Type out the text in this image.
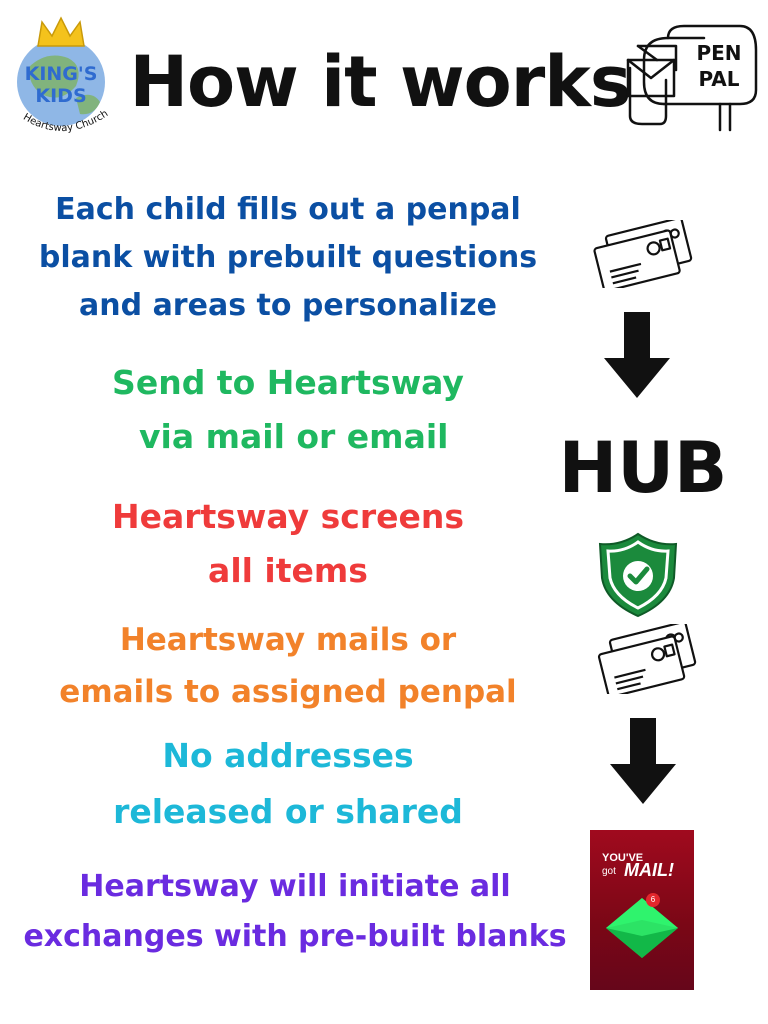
KING'S
KIDS
Heartsway Church How it works	PEN
PAL
Each child fills out a penpal
blank with prebuilt questions
and areas to personalize
Send to Heartsway
via mail or email
Heartsway screens
all items
Heartsway mails or
emails to assigned penpal
No addresses
released or shared
Heartsway will initiate all
exchanges with pre-built blanks
HUB
YOU'VE
got MAIL!
6
